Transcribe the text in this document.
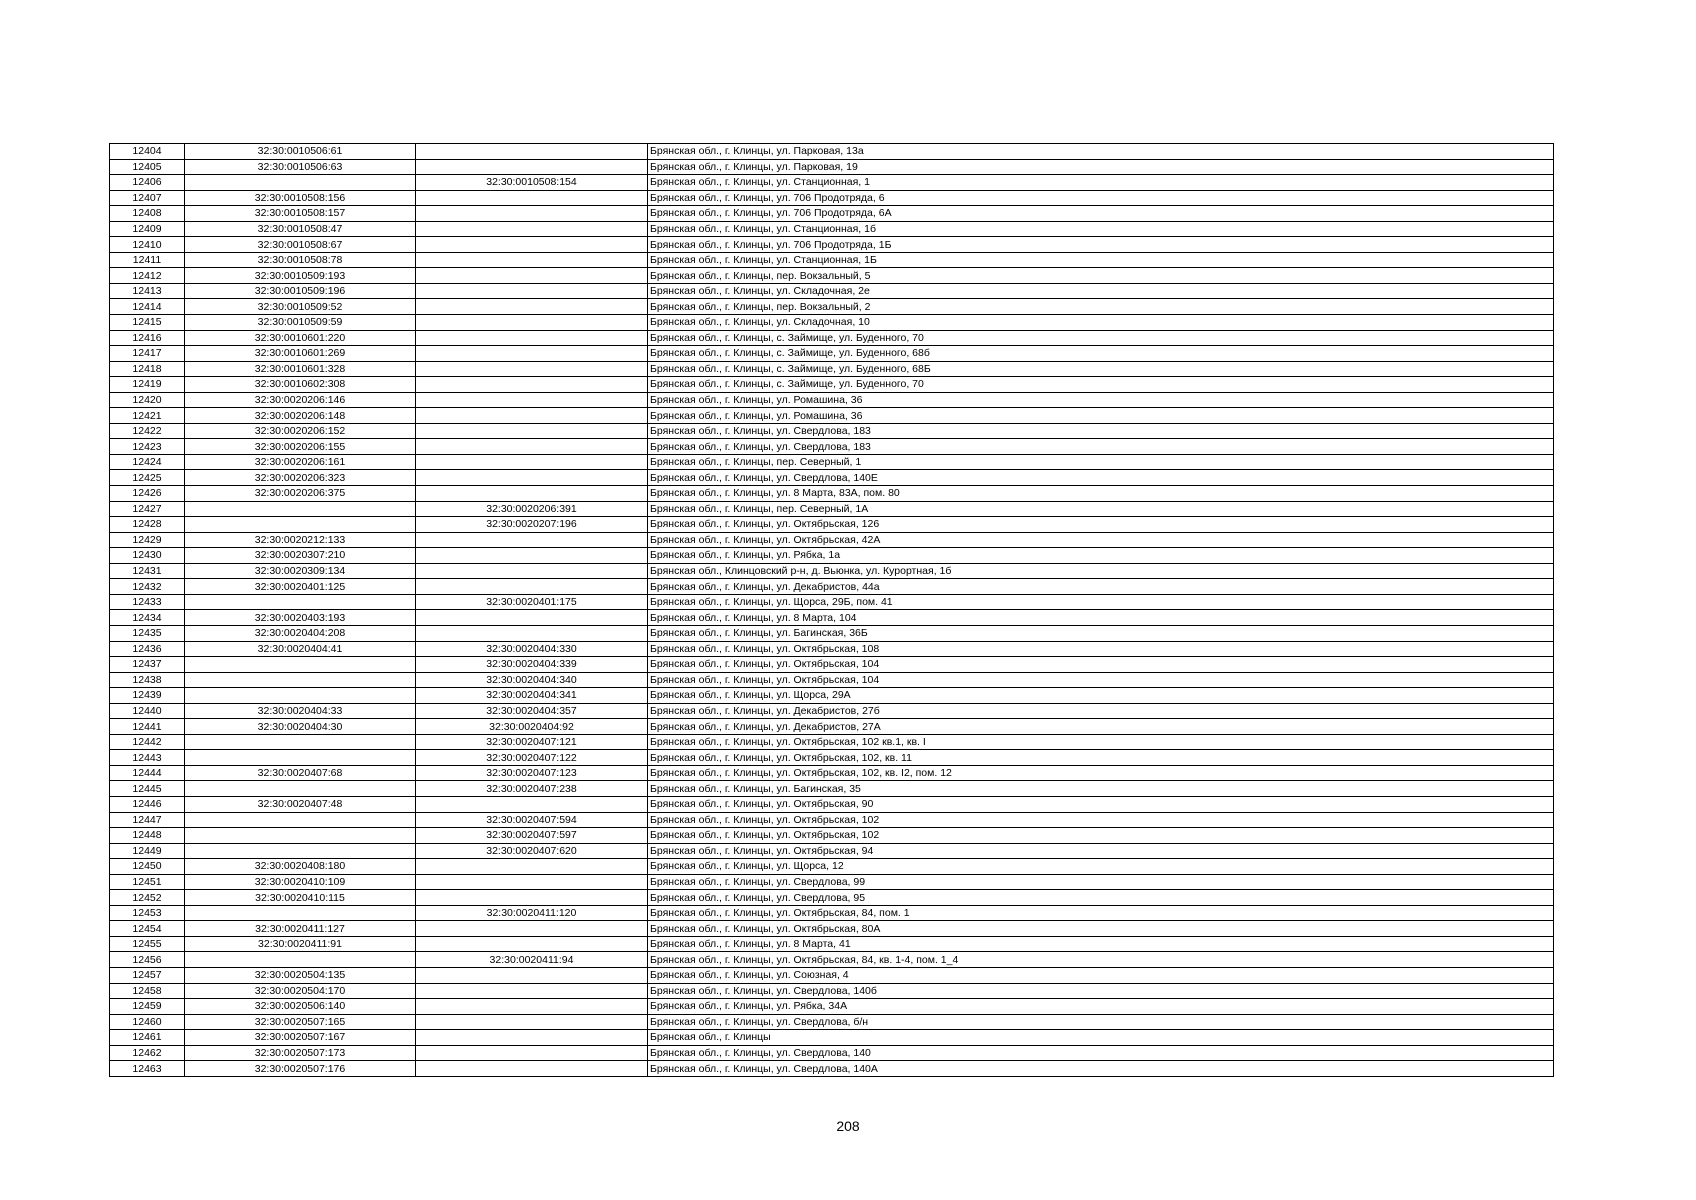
12404	32:30:0010506:61		Брянская обл., г. Клинцы, ул. Парковая, 13а
12405	32:30:0010506:63		Брянская обл., г. Клинцы, ул. Парковая, 19
12406		32:30:0010508:154	Брянская обл., г. Клинцы, ул. Станционная, 1
12407	32:30:0010508:156		Брянская обл., г. Клинцы, ул. 706 Продотряда, 6
12408	32:30:0010508:157		Брянская обл., г. Клинцы, ул. 706 Продотряда, 6А
12409	32:30:0010508:47		Брянская обл., г. Клинцы, ул. Станционная, 1б
12410	32:30:0010508:67		Брянская обл., г. Клинцы, ул. 706 Продотряда, 1Б
12411	32:30:0010508:78		Брянская обл., г. Клинцы, ул. Станционная, 1Б
12412	32:30:0010509:193		Брянская обл., г. Клинцы, пер. Вокзальный, 5
12413	32:30:0010509:196		Брянская обл., г. Клинцы, ул. Складочная, 2е
12414	32:30:0010509:52		Брянская обл., г. Клинцы, пер. Вокзальный, 2
12415	32:30:0010509:59		Брянская обл., г. Клинцы, ул. Складочная, 10
12416	32:30:0010601:220		Брянская обл., г. Клинцы, с. Займище, ул. Буденного, 70
12417	32:30:0010601:269		Брянская обл., г. Клинцы, с. Займище, ул. Буденного, 68б
12418	32:30:0010601:328		Брянская обл., г. Клинцы, с. Займище, ул. Буденного, 68Б
12419	32:30:0010602:308		Брянская обл., г. Клинцы, с. Займище, ул. Буденного, 70
12420	32:30:0020206:146		Брянская обл., г. Клинцы, ул. Ромашина, 36
12421	32:30:0020206:148		Брянская обл., г. Клинцы, ул. Ромашина, 36
12422	32:30:0020206:152		Брянская обл., г. Клинцы, ул. Свердлова, 183
12423	32:30:0020206:155		Брянская обл., г. Клинцы, ул. Свердлова, 183
12424	32:30:0020206:161		Брянская обл., г. Клинцы, пер. Северный, 1
12425	32:30:0020206:323		Брянская обл., г. Клинцы, ул. Свердлова, 140Е
12426	32:30:0020206:375		Брянская обл., г. Клинцы, ул. 8 Марта, 83А, пом. 80
12427		32:30:0020206:391	Брянская обл., г. Клинцы, пер. Северный, 1А
12428		32:30:0020207:196	Брянская обл., г. Клинцы, ул. Октябрьская, 126
12429	32:30:0020212:133		Брянская обл., г. Клинцы, ул. Октябрьская, 42А
12430	32:30:0020307:210		Брянская обл., г. Клинцы, ул. Рябка, 1а
12431	32:30:0020309:134		Брянская обл., Клинцовский р-н, д. Вьюнка, ул. Курортная, 1б
12432	32:30:0020401:125		Брянская обл., г. Клинцы, ул. Декабристов, 44а
12433		32:30:0020401:175	Брянская обл., г. Клинцы, ул. Щорса, 29Б, пом. 41
12434	32:30:0020403:193		Брянская обл., г. Клинцы, ул. 8 Марта, 104
12435	32:30:0020404:208		Брянская обл., г. Клинцы, ул. Багинская, 36Б
12436	32:30:0020404:41	32:30:0020404:330	Брянская обл., г. Клинцы, ул. Октябрьская, 108
12437		32:30:0020404:339	Брянская обл., г. Клинцы, ул. Октябрьская, 104
12438		32:30:0020404:340	Брянская обл., г. Клинцы, ул. Октябрьская, 104
12439		32:30:0020404:341	Брянская обл., г. Клинцы, ул. Щорса, 29А
12440	32:30:0020404:33	32:30:0020404:357	Брянская обл., г. Клинцы, ул. Декабристов, 27б
12441	32:30:0020404:30	32:30:0020404:92	Брянская обл., г. Клинцы, ул. Декабристов, 27А
12442		32:30:0020407:121	Брянская обл., г. Клинцы, ул. Октябрьская, 102 кв.1, кв. I
12443		32:30:0020407:122	Брянская обл., г. Клинцы, ул. Октябрьская, 102, кв. 11
12444	32:30:0020407:68	32:30:0020407:123	Брянская обл., г. Клинцы, ул. Октябрьская, 102, кв. I2, пом. 12
12445		32:30:0020407:238	Брянская обл., г. Клинцы, ул. Багинская, 35
12446	32:30:0020407:48		Брянская обл., г. Клинцы, ул. Октябрьская, 90
12447		32:30:0020407:594	Брянская обл., г. Клинцы, ул. Октябрьская, 102
12448		32:30:0020407:597	Брянская обл., г. Клинцы, ул. Октябрьская, 102
12449		32:30:0020407:620	Брянская обл., г. Клинцы, ул. Октябрьская, 94
12450	32:30:0020408:180		Брянская обл., г. Клинцы, ул. Щорса, 12
12451	32:30:0020410:109		Брянская обл., г. Клинцы, ул. Свердлова, 99
12452	32:30:0020410:115		Брянская обл., г. Клинцы, ул. Свердлова, 95
12453		32:30:0020411:120	Брянская обл., г. Клинцы, ул. Октябрьская, 84, пом. 1
12454	32:30:0020411:127		Брянская обл., г. Клинцы, ул. Октябрьская, 80А
12455	32:30:0020411:91		Брянская обл., г. Клинцы, ул. 8 Марта, 41
12456		32:30:0020411:94	Брянская обл., г. Клинцы, ул. Октябрьская, 84, кв. 1-4, пом. 1_4
12457	32:30:0020504:135		Брянская обл., г. Клинцы, ул. Союзная, 4
12458	32:30:0020504:170		Брянская обл., г. Клинцы, ул. Свердлова, 140б
12459	32:30:0020506:140		Брянская обл., г. Клинцы, ул. Рябка, 34А
12460	32:30:0020507:165		Брянская обл., г. Клинцы, ул. Свердлова, б/н
12461	32:30:0020507:167		Брянская обл., г. Клинцы
12462	32:30:0020507:173		Брянская обл., г. Клинцы, ул. Свердлова, 140
12463	32:30:0020507:176		Брянская обл., г. Клинцы, ул. Свердлова, 140А
208
